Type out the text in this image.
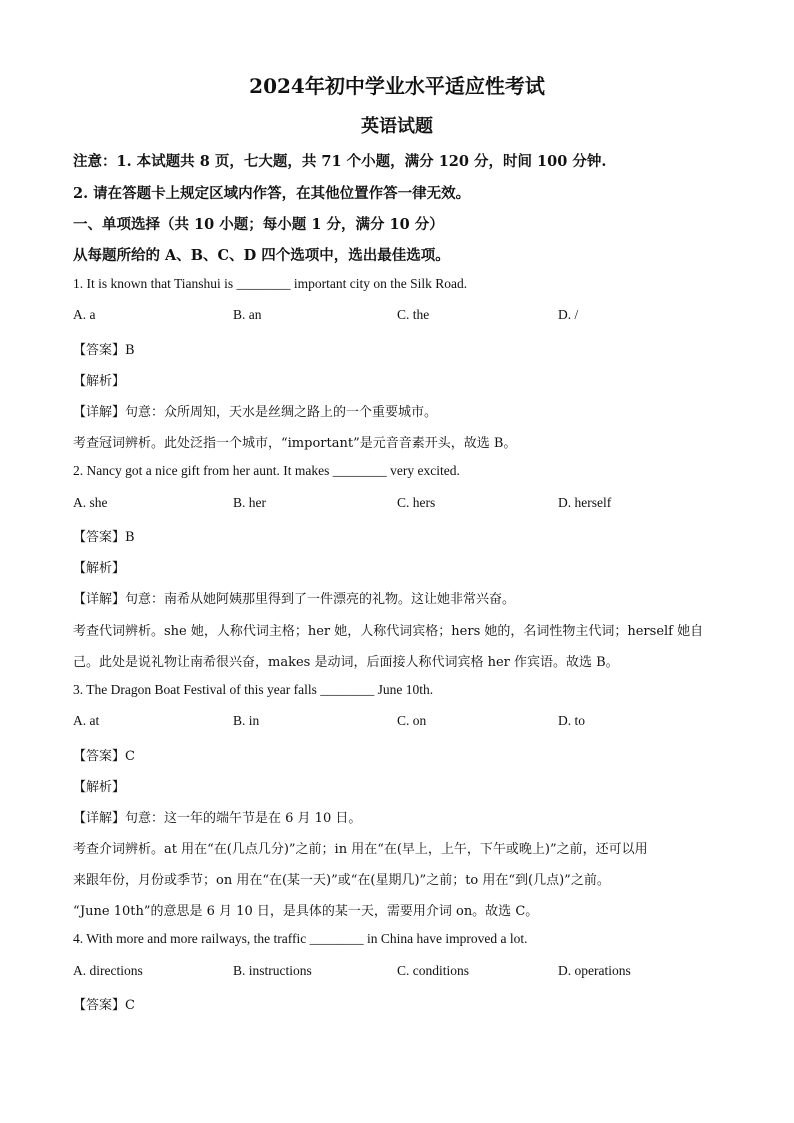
2024年初中学业水平适应性考试
英语试题
注意：1. 本试题共 8 页，七大题，共 71 个小题，满分 120 分，时间 100 分钟.
2. 请在答题卡上规定区域内作答，在其他位置作答一律无效。
一、单项选择（共 10 小题；每小题 1 分，满分 10 分）
从每题所给的 A、B、C、D 四个选项中，选出最佳选项。
1. It is known that Tianshui is ________ important city on the Silk Road.
A. a	B. an	C. the	D. /
【答案】B
【解析】
【详解】句意：众所周知，天水是丝绸之路上的一个重要城市。
考查冠词辨析。此处泛指一个城市，“important”是元音音素开头，故选 B。
2. Nancy got a nice gift from her aunt. It makes ________ very excited.
A. she	B. her	C. hers	D. herself
【答案】B
【解析】
【详解】句意：南希从她阿姨那里得到了一件漂亮的礼物。这让她非常兴奋。
考查代词辨析。she 她，人称代词主格；her 她，人称代词宾格；hers 她的，名词性物主代词；herself 她自
己。此处是说礼物让南希很兴奋，makes 是动词，后面接人称代词宾格 her 作宾语。故选 B。
3. The Dragon Boat Festival of this year falls ________ June 10th.
A. at	B. in	C. on	D. to
【答案】C
【解析】
【详解】句意：这一年的端午节是在 6 月 10 日。
考查介词辨析。at 用在“在(几点几分)”之前；in 用在“在(早上，上午，下午或晚上)”之前，还可以用
来跟年份，月份或季节；on 用在“在(某一天)”或“在(星期几)”之前；to 用在“到(几点)”之前。
“June 10th”的意思是 6 月 10 日，是具体的某一天，需要用介词 on。故选 C。
4. With more and more railways, the traffic ________ in China have improved a lot.
A. directions	B. instructions	C. conditions	D. operations
【答案】C
